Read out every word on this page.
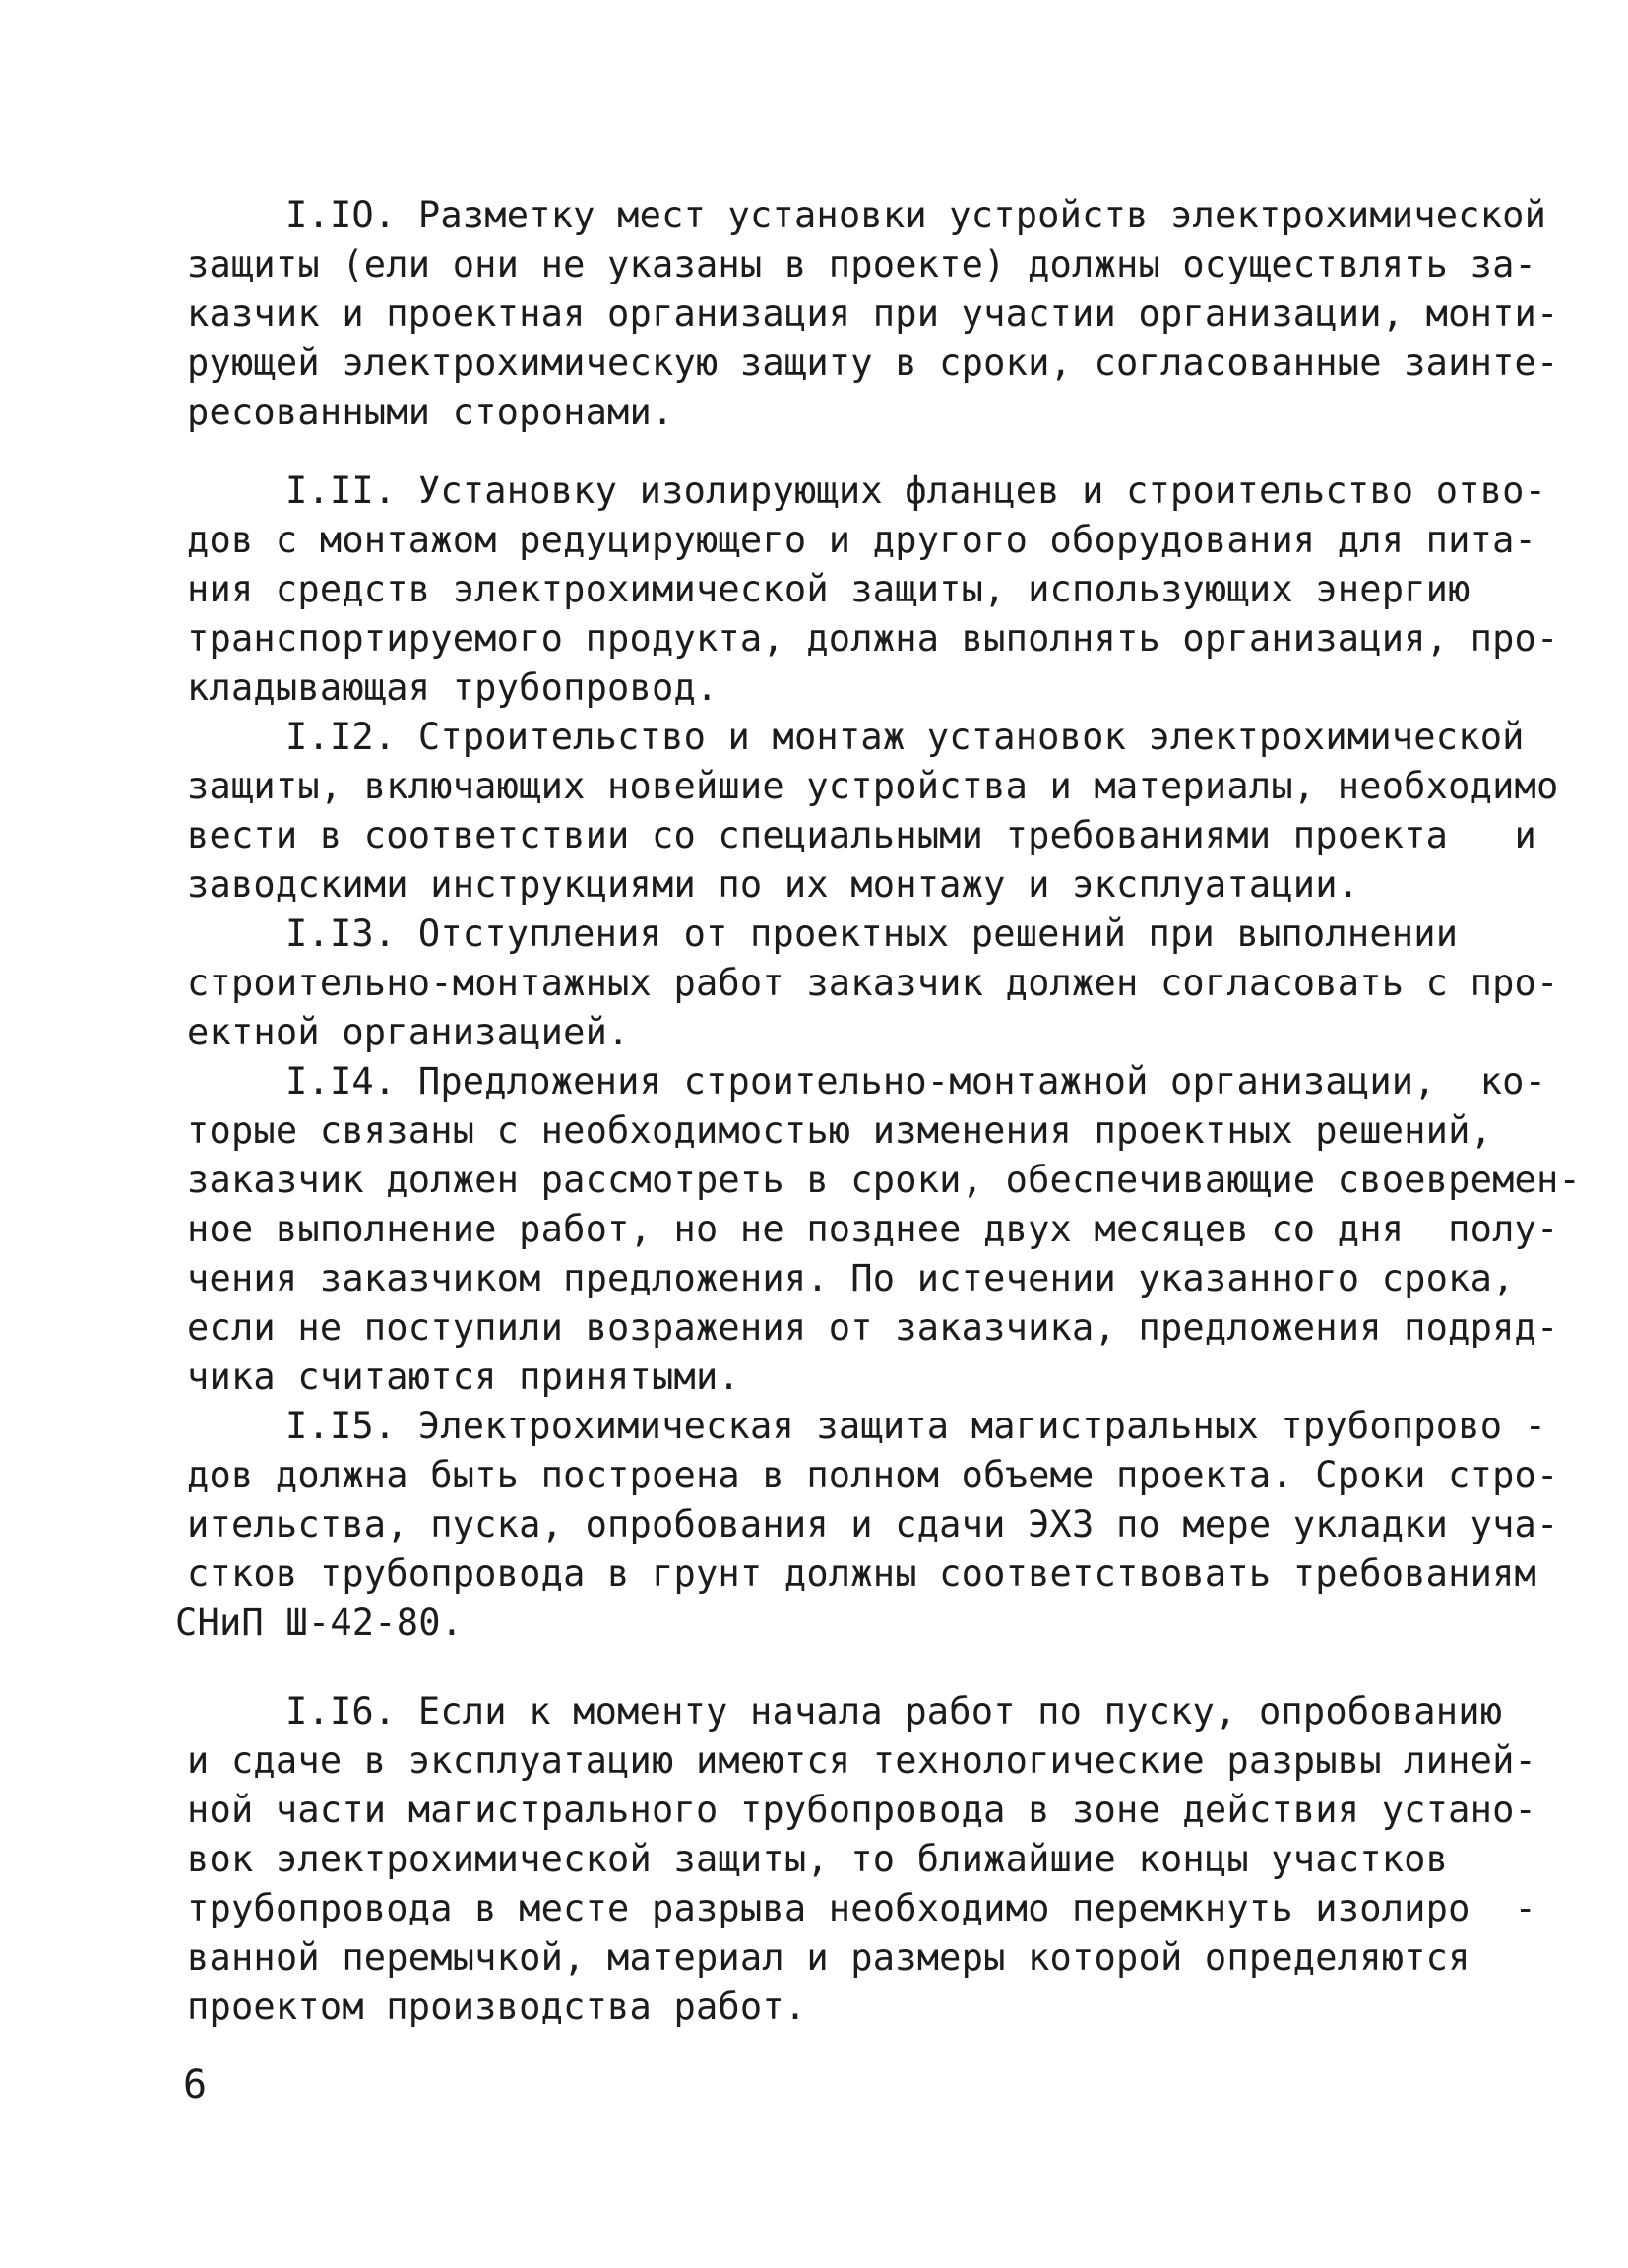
I.IO. Разметку мест установки устройств электрохимической

защиты (ели они не указаны в проекте) должны осуществлять за-

казчик и проектная организация при участии организации, монти-

рующей электрохимическую защиту в сроки, согласованные заинте-

ресованными сторонами.

I.II. Установку изолирующих фланцев и строительство отво-

дов с монтажом редуцирующего и другого оборудования для пита-

ния средств электрохимической защиты, использующих энергию

транспортируемого продукта, должна выполнять организация, про-

кладывающая трубопровод.

I.I2. Строительство и монтаж установок электрохимической

защиты, включающих новейшие устройства и материалы, необходимо

вести в соответствии со специальными требованиями проекта   и

заводскими инструкциями по их монтажу и эксплуатации.

I.I3. Отступления от проектных решений при выполнении

строительно-монтажных работ заказчик должен согласовать с про-

ектной организацией.

I.I4. Предложения строительно-монтажной организации,  ко-

торые связаны с необходимостью изменения проектных решений,

заказчик должен рассмотреть в сроки, обеспечивающие своевремен-

ное выполнение работ, но не позднее двух месяцев со дня  полу-

чения заказчиком предложения. По истечении указанного срока,

если не поступили возражения от заказчика, предложения подряд-

чика считаются принятыми.

I.I5. Электрохимическая защита магистральных трубопрово -

дов должна быть построена в полном объеме проекта. Сроки стро-

ительства, пуска, опробования и сдачи ЭХЗ по мере укладки уча-

стков трубопровода в грунт должны соответствовать требованиям

СНиП Ш-42-80.

I.I6. Если к моменту начала работ по пуску, опробованию

и сдаче в эксплуатацию имеются технологические разрывы линей-

ной части магистрального трубопровода в зоне действия устано-

вок электрохимической защиты, то ближайшие концы участков

трубопровода в месте разрыва необходимо перемкнуть изолиро  -

ванной перемычкой, материал и размеры которой определяются

проектом производства работ.

6
